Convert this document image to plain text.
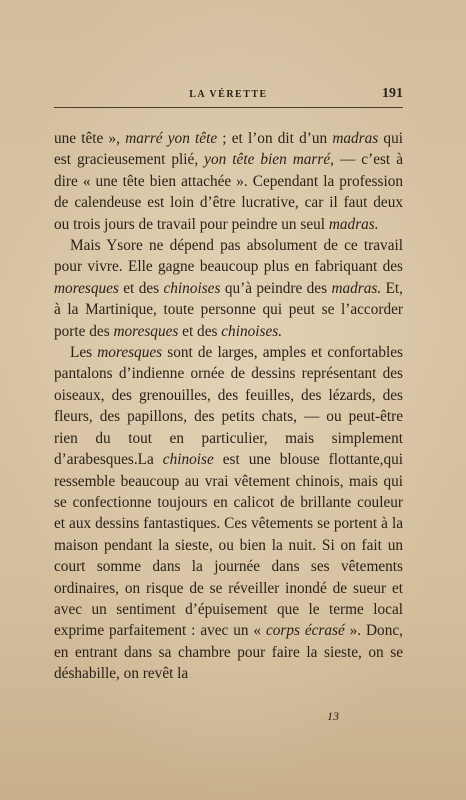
LA VÉRETTE	191

une tête », marré yon tête ; et l’on dit d’un madras qui est gracieusement plié, yon tête bien marré, — c’est à dire « une tête bien attachée ». Cependant la profession de calendeuse est loin d’être lucrative, car il faut deux ou trois jours de travail pour peindre un seul madras.

Mais Ysore ne dépend pas absolument de ce travail pour vivre. Elle gagne beaucoup plus en fabriquant des moresques et des chinoises qu’à peindre des madras. Et, à la Martinique, toute personne qui peut se l’accorder porte des moresques et des chinoises.

Les moresques sont de larges, amples et confortables pantalons d’indienne ornée de dessins représentant des oiseaux, des grenouilles, des feuilles, des lézards, des fleurs, des papillons, des petits chats, — ou peut-être rien du tout en particulier, mais simplement d’arabesques.La chinoise est une blouse flottante,qui ressemble beaucoup au vrai vêtement chinois, mais qui se confectionne toujours en calicot de brillante couleur et aux dessins fantastiques. Ces vêtements se portent à la maison pendant la sieste, ou bien la nuit. Si on fait un court somme dans la journée dans ses vêtements ordinaires, on risque de se réveiller inondé de sueur et avec un sentiment d’épuisement que le terme local exprime parfaitement : avec un « corps écrasé ». Donc, en entrant dans sa chambre pour faire la sieste, on se déshabille, on revêt la

13
